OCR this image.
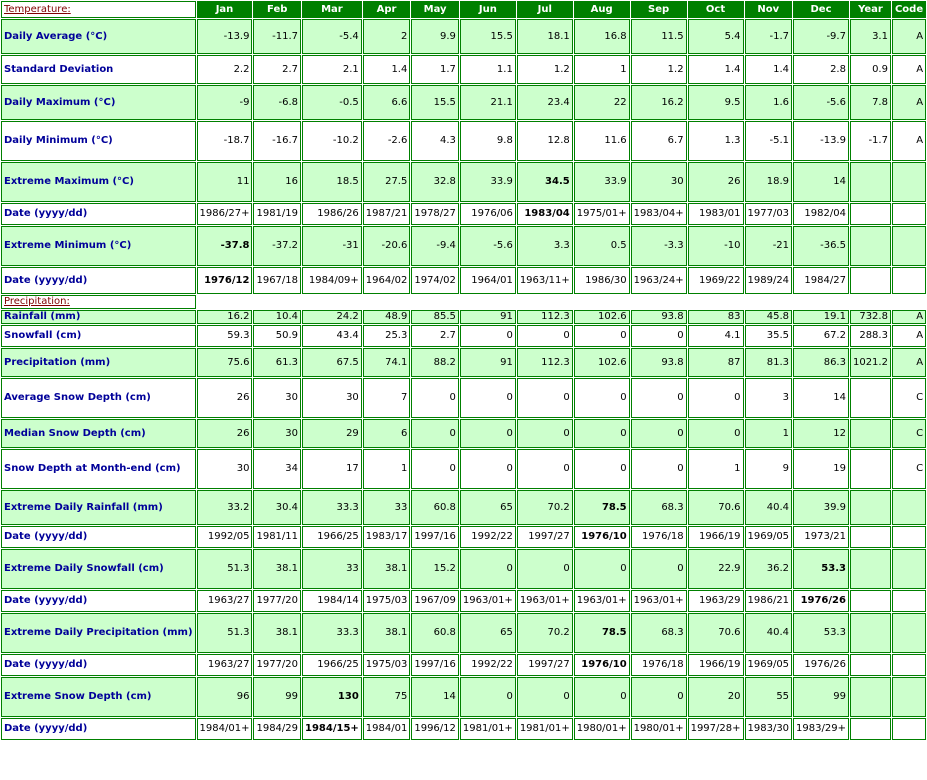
Temperature:	Jan	Feb	Mar	Apr	May	Jun	Jul	Aug	Sep	Oct	Nov	Dec	Year	Code
Daily Average (°C)	-13.9	-11.7	-5.4	2	9.9	15.5	18.1	16.8	11.5	5.4	-1.7	-9.7	3.1	A
Standard Deviation	2.2	2.7	2.1	1.4	1.7	1.1	1.2	1	1.2	1.4	1.4	2.8	0.9	A
Daily Maximum (°C)	-9	-6.8	-0.5	6.6	15.5	21.1	23.4	22	16.2	9.5	1.6	-5.6	7.8	A
Daily Minimum (°C)	-18.7	-16.7	-10.2	-2.6	4.3	9.8	12.8	11.6	6.7	1.3	-5.1	-13.9	-1.7	A
Extreme Maximum (°C)	11	16	18.5	27.5	32.8	33.9	34.5	33.9	30	26	18.9	14		
Date (yyyy/dd)	1986/27+	1981/19	1986/26	1987/21	1978/27	1976/06	1983/04	1975/01+	1983/04+	1983/01	1977/03	1982/04		
Extreme Minimum (°C)	-37.8	-37.2	-31	-20.6	-9.4	-5.6	3.3	0.5	-3.3	-10	-21	-36.5		
Date (yyyy/dd)	1976/12	1967/18	1984/09+	1964/02	1974/02	1964/01	1963/11+	1986/30	1963/24+	1969/22	1989/24	1984/27		
Precipitation:														
Rainfall (mm)	16.2	10.4	24.2	48.9	85.5	91	112.3	102.6	93.8	83	45.8	19.1	732.8	A
Snowfall (cm)	59.3	50.9	43.4	25.3	2.7	0	0	0	0	4.1	35.5	67.2	288.3	A
Precipitation (mm)	75.6	61.3	67.5	74.1	88.2	91	112.3	102.6	93.8	87	81.3	86.3	1021.2	A
Average Snow Depth (cm)	26	30	30	7	0	0	0	0	0	0	3	14		C
Median Snow Depth (cm)	26	30	29	6	0	0	0	0	0	0	1	12		C
Snow Depth at Month-end (cm)	30	34	17	1	0	0	0	0	0	1	9	19		C
Extreme Daily Rainfall (mm)	33.2	30.4	33.3	33	60.8	65	70.2	78.5	68.3	70.6	40.4	39.9		
Date (yyyy/dd)	1992/05	1981/11	1966/25	1983/17	1997/16	1992/22	1997/27	1976/10	1976/18	1966/19	1969/05	1973/21		
Extreme Daily Snowfall (cm)	51.3	38.1	33	38.1	15.2	0	0	0	0	22.9	36.2	53.3		
Date (yyyy/dd)	1963/27	1977/20	1984/14	1975/03	1967/09	1963/01+	1963/01+	1963/01+	1963/01+	1963/29	1986/21	1976/26		
Extreme Daily Precipitation (mm)	51.3	38.1	33.3	38.1	60.8	65	70.2	78.5	68.3	70.6	40.4	53.3		
Date (yyyy/dd)	1963/27	1977/20	1966/25	1975/03	1997/16	1992/22	1997/27	1976/10	1976/18	1966/19	1969/05	1976/26		
Extreme Snow Depth (cm)	96	99	130	75	14	0	0	0	0	20	55	99		
Date (yyyy/dd)	1984/01+	1984/29	1984/15+	1984/01	1996/12	1981/01+	1981/01+	1980/01+	1980/01+	1997/28+	1983/30	1983/29+		
